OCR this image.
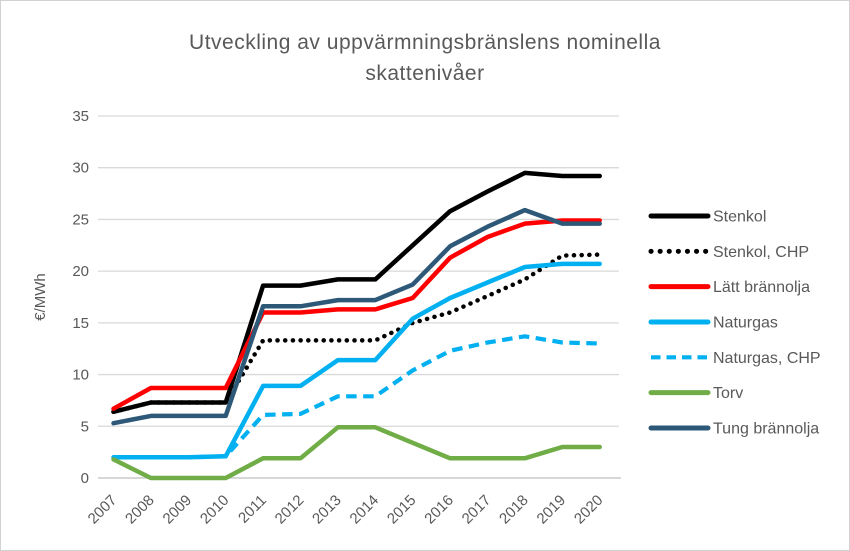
Utveckling av uppvärmningsbränslens nominella
skattenivåer
0
5
10
15
20
25
30
35
2007 2008 2009 2010 2011 2012 2013 2014 2015 2016 2017 2018 2019 2020
€/MWh
Stenkol
Stenkol, CHP
Lätt brännolja
Naturgas
Naturgas, CHP
Torv
Tung brännolja
